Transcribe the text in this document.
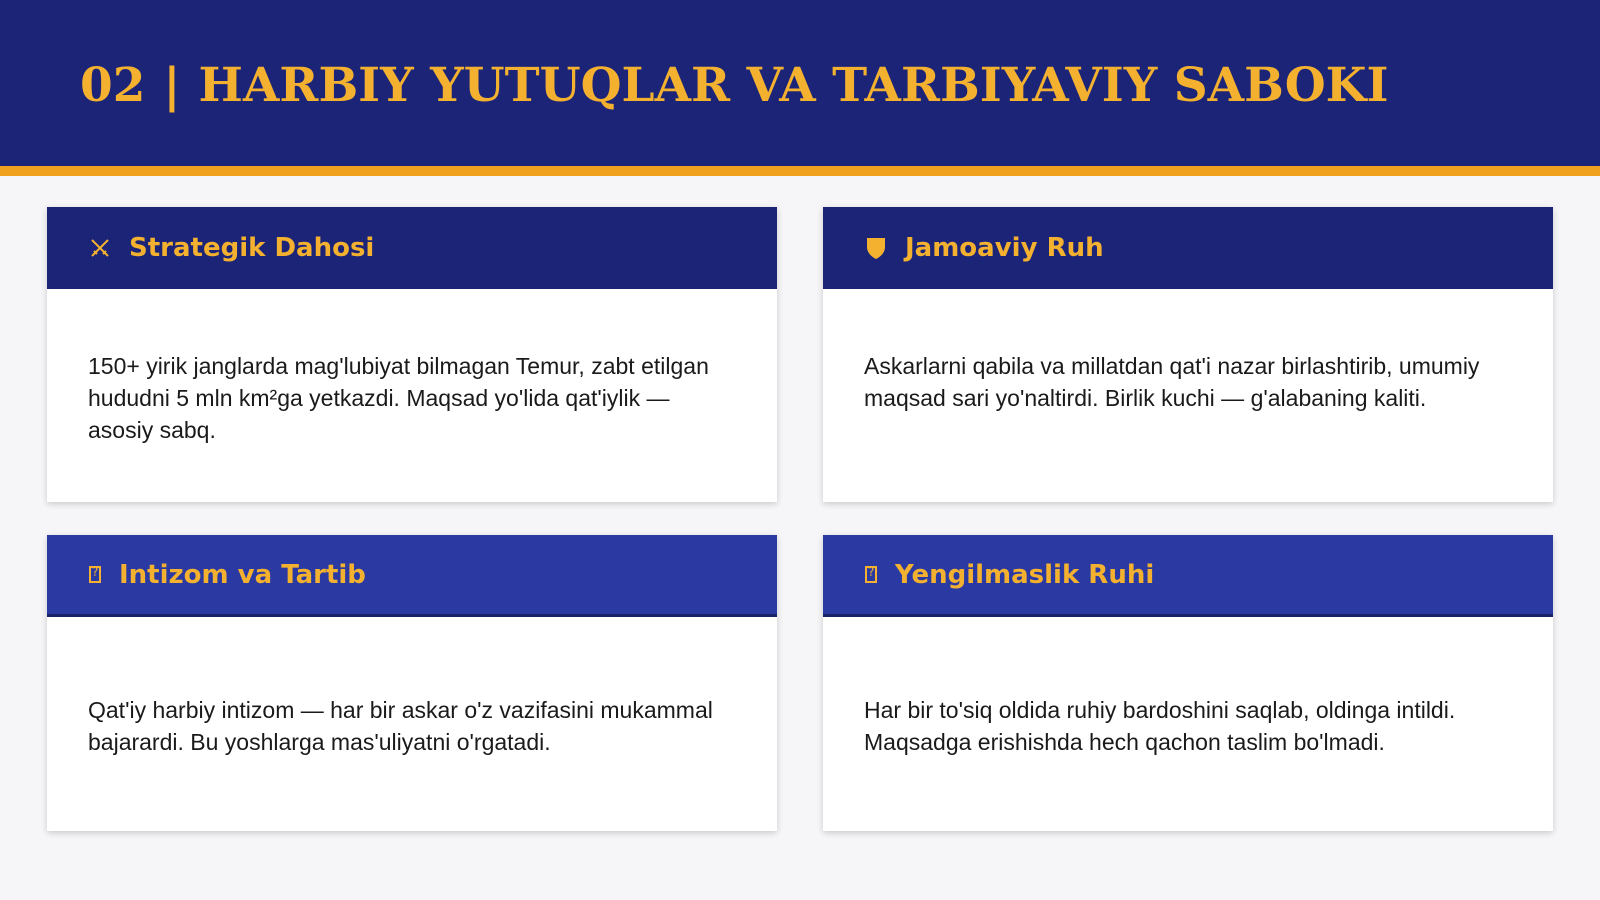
02 | HARBIY YUTUQLAR VA TARBIYAVIY SABOKI
Strategik Dahosi
150+ yirik janglarda mag'lubiyat bilmagan Temur, zabt etilgan hududni 5 mln km²ga yetkazdi. Maqsad yo'lida qat'iylik — asosiy sabq.
Jamoaviy Ruh
Askarlarni qabila va millatdan qat'i nazar birlashtirib, umumiy maqsad sari yo'naltirdi. Birlik kuchi — g'alabaning kaliti.
?
Intizom va Tartib
Qat'iy harbiy intizom — har bir askar o'z vazifasini mukammal bajarardi. Bu yoshlarga mas'uliyatni o'rgatadi.
?
Yengilmaslik Ruhi
Har bir to'siq oldida ruhiy bardoshini saqlab, oldinga intildi. Maqsadga erishishda hech qachon taslim bo'lmadi.
